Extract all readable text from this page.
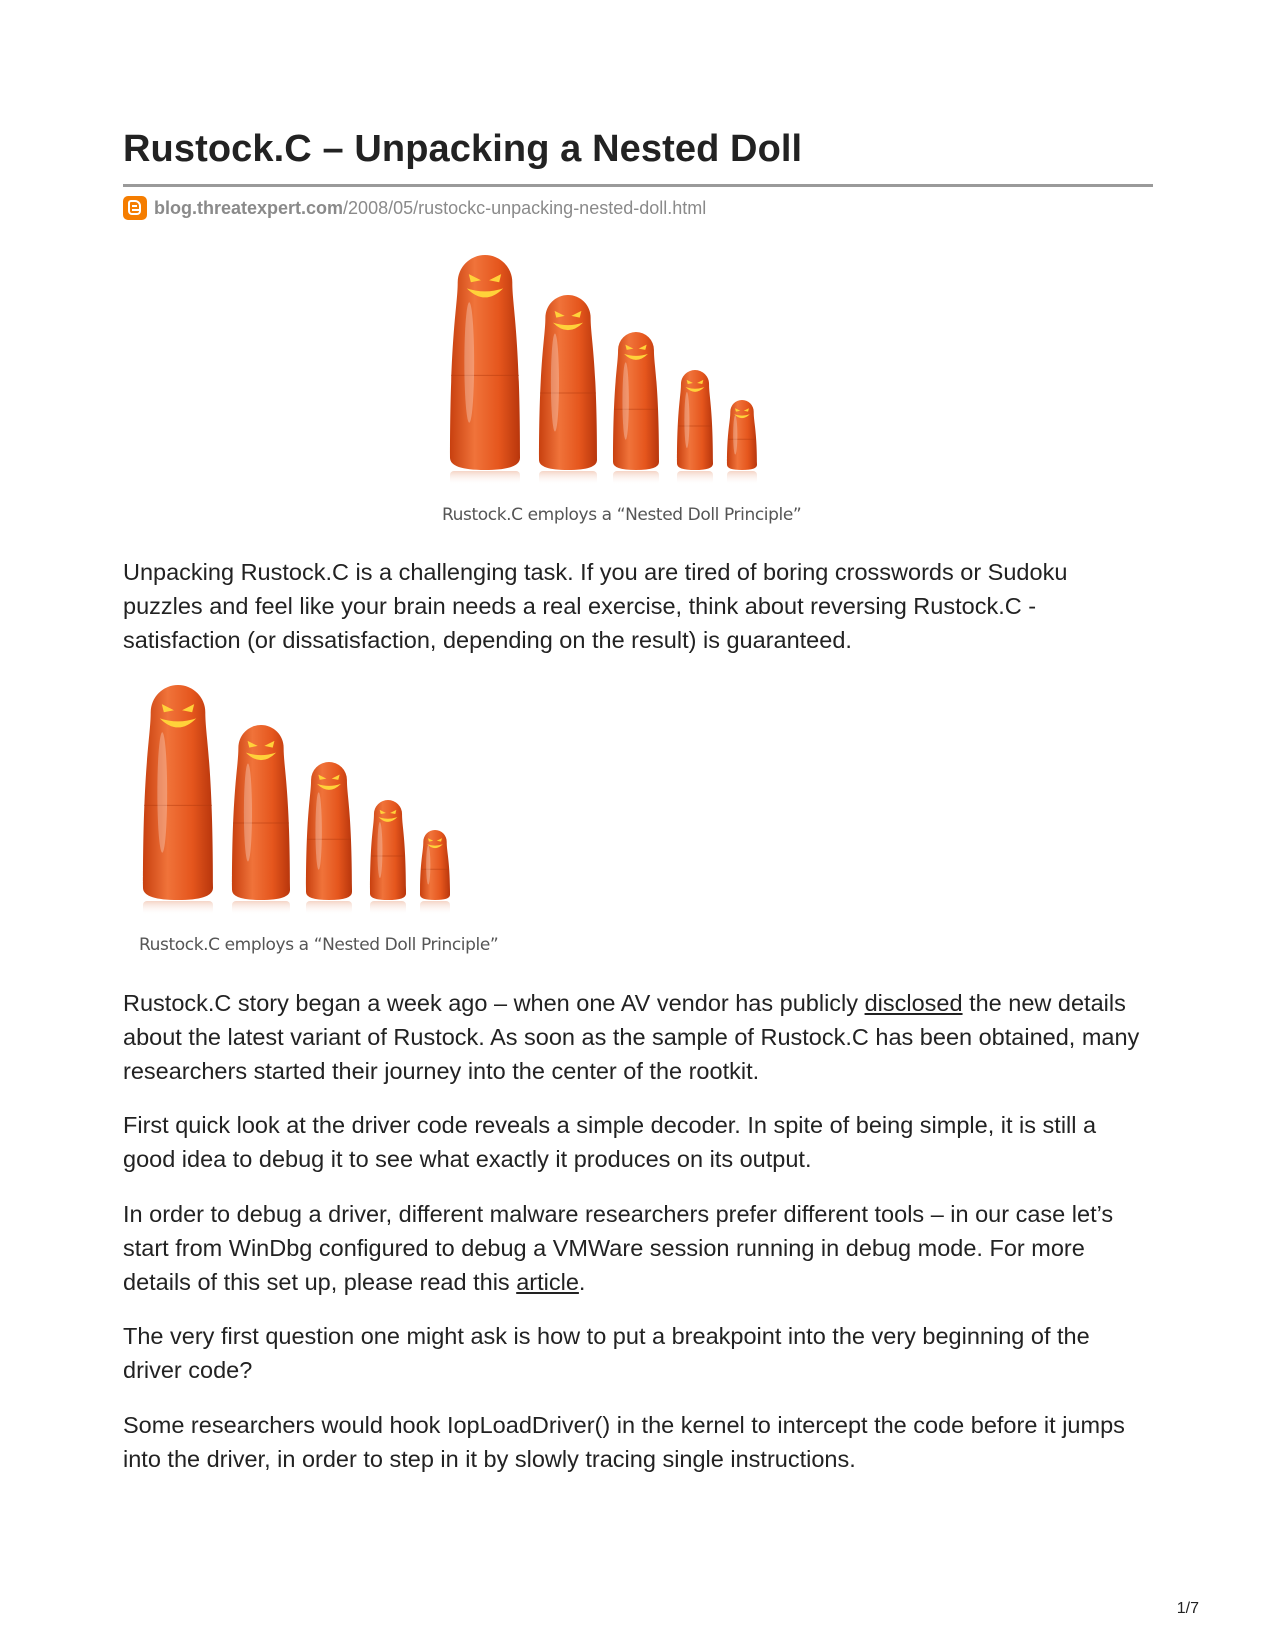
Rustock.C – Unpacking a Nested Doll
blog.threatexpert.com /2008/05/rustockc-unpacking-nested-doll.html
Rustock.C employs a “Nested Doll Principle”

Unpacking Rustock.C is a challenging task. If you are tired of boring crosswords or Sudoku puzzles and feel like your brain needs a real exercise, think about reversing Rustock.C - satisfaction (or dissatisfaction, depending on the result) is guaranteed.

Rustock.C employs a “Nested Doll Principle”

Rustock.C story began a week ago – when one AV vendor has publicly disclosed the new details about the latest variant of Rustock. As soon as the sample of Rustock.C has been obtained, many researchers started their journey into the center of the rootkit.

First quick look at the driver code reveals a simple decoder. In spite of being simple, it is still a good idea to debug it to see what exactly it produces on its output.

In order to debug a driver, different malware researchers prefer different tools – in our case let’s start from WinDbg configured to debug a VMWare session running in debug mode. For more details of this set up, please read this article.

The very first question one might ask is how to put a breakpoint into the very beginning of the driver code?

Some researchers would hook IopLoadDriver() in the kernel to intercept the code before it jumps into the driver, in order to step in it by slowly tracing single instructions.

1/7
